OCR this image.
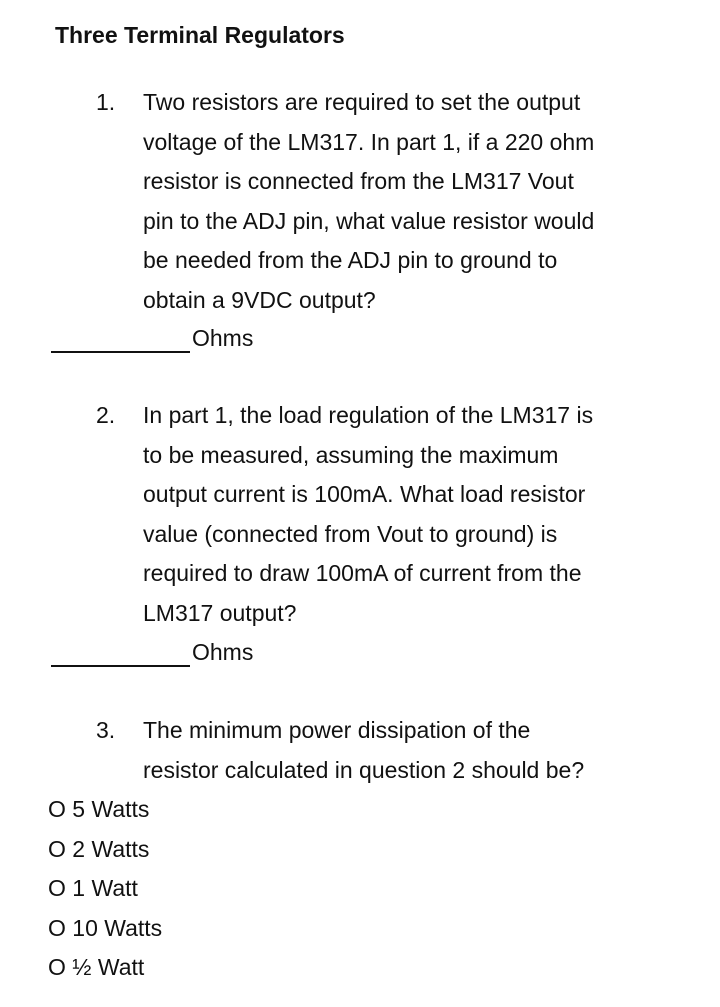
Three Terminal Regulators
1. Two resistors are required to set the output
voltage of the LM317. In part 1, if a 220 ohm
resistor is connected from the LM317 Vout
pin to the ADJ pin, what value resistor would
be needed from the ADJ pin to ground to
obtain a 9VDC output?
Ohms
2. In part 1, the load regulation of the LM317 is
to be measured, assuming the maximum
output current is 100mA. What load resistor
value (connected from Vout to ground) is
required to draw 100mA of current from the
LM317 output?
Ohms
3. The minimum power dissipation of the
resistor calculated in question 2 should be?
O 5 Watts
O 2 Watts
O 1 Watt
O 10 Watts
O ½ Watt
